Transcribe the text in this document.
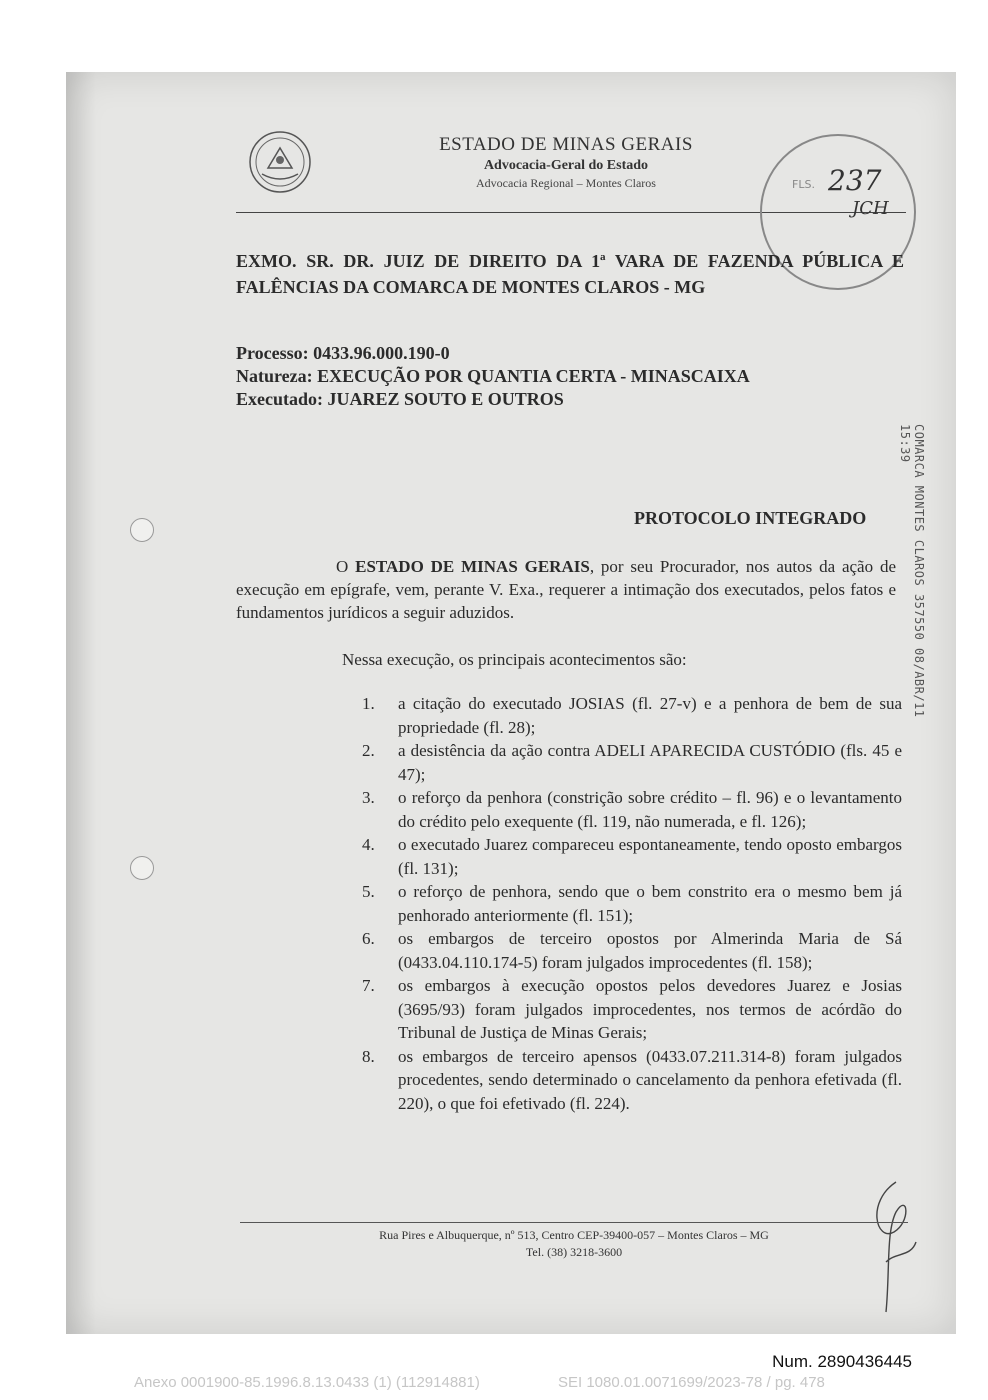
ESTADO DE MINAS GERAIS
Advocacia-Geral do Estado
Advocacia Regional – Montes Claros	FLS. 237
JCH
EXMO. SR. DR. JUIZ DE DIREITO DA 1ª VARA DE FAZENDA PÚBLICA E FALÊNCIAS DA COMARCA DE MONTES CLAROS - MG
Processo: 0433.96.000.190-0
Natureza: EXECUÇÃO POR QUANTIA CERTA - MINASCAIXA
Executado: JUAREZ SOUTO E OUTROS
COMARCA MONTES CLAROS 357550 08/ABR/11 15:39
PROTOCOLO INTEGRADO
O ESTADO DE MINAS GERAIS, por seu Procurador, nos autos da ação de execução em epígrafe, vem, perante V. Exa., requerer a intimação dos executados, pelos fatos e fundamentos jurídicos a seguir aduzidos.
Nessa execução, os principais acontecimentos são:
1. a citação do executado JOSIAS (fl. 27-v) e a penhora de bem de sua propriedade (fl. 28);
2. a desistência da ação contra ADELI APARECIDA CUSTÓDIO (fls. 45 e 47);
3. o reforço da penhora (constrição sobre crédito – fl. 96) e o levantamento do crédito pelo exequente (fl. 119, não numerada, e fl. 126);
4. o executado Juarez compareceu espontaneamente, tendo oposto embargos (fl. 131);
5. o reforço de penhora, sendo que o bem constrito era o mesmo bem já penhorado anteriormente (fl. 151);
6. os embargos de terceiro opostos por Almerinda Maria de Sá (0433.04.110.174-5) foram julgados improcedentes (fl. 158);
7. os embargos à execução opostos pelos devedores Juarez e Josias (3695/93) foram julgados improcedentes, nos termos de acórdão do Tribunal de Justiça de Minas Gerais;
8. os embargos de terceiro apensos (0433.07.211.314-8) foram julgados procedentes, sendo determinado o cancelamento da penhora efetivada (fl. 220), o que foi efetivado (fl. 224).
Rua Pires e Albuquerque, nº 513, Centro CEP-39400-057 – Montes Claros – MG
Tel. (38) 3218-3600
Num. 2890436445
Anexo 0001900-85.1996.8.13.0433 (1) (112914881)	SEI 1080.01.0071699/2023-78 / pg. 478
